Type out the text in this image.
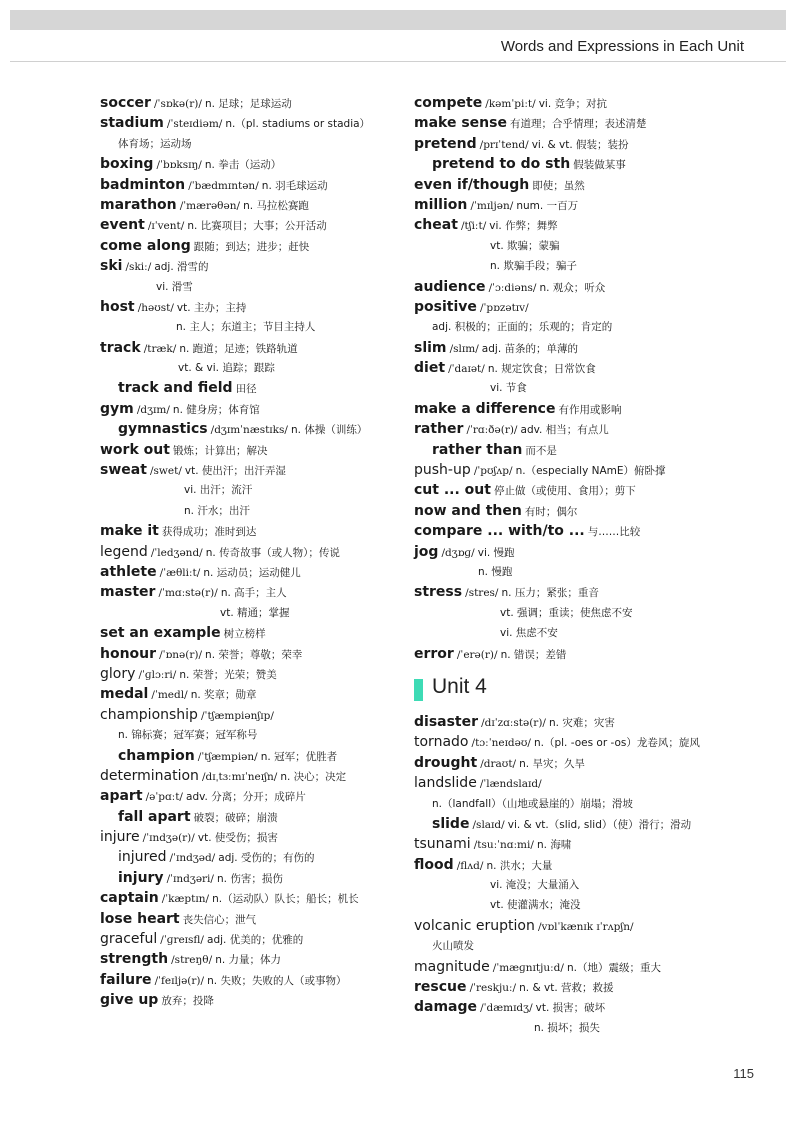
Words and Expressions in Each Unit
soccer /ˈsɒkə(r)/ n. 足球；足球运动
stadium /ˈsteɪdiəm/ n.（pl. stadiums or stadia）
体育场；运动场
boxing /ˈbɒksɪŋ/ n. 拳击（运动）
badminton /ˈbædmɪntən/ n. 羽毛球运动
marathon /ˈmærəθən/ n. 马拉松赛跑
event /ɪˈvent/ n. 比赛项目；大事；公开活动
come along 跟随；到达；进步；赶快
ski /skiː/ adj. 滑雪的
vi. 滑雪
host /həʊst/ vt. 主办；主持
n. 主人；东道主；节目主持人
track /træk/ n. 跑道；足迹；铁路轨道
vt. & vi. 追踪；跟踪
track and field 田径
gym /dʒɪm/ n. 健身房；体育馆
gymnastics /dʒɪmˈnæstɪks/ n. 体操（训练）
work out 锻炼；计算出；解决
sweat /swet/ vt. 使出汗；出汗弄湿
vi. 出汗；流汗
n. 汗水；出汗
make it 获得成功；准时到达
legend /ˈledʒənd/ n. 传奇故事（或人物）；传说
athlete /ˈæθliːt/ n. 运动员；运动健儿
master /ˈmɑːstə(r)/ n. 高手；主人
vt. 精通；掌握
set an example 树立榜样
honour /ˈɒnə(r)/ n. 荣誉；尊敬；荣幸
glory /ˈɡlɔːri/ n. 荣誉；光荣；赞美
medal /ˈmedl/ n. 奖章；勋章
championship /ˈtʃæmpiənʃɪp/
n. 锦标赛；冠军赛；冠军称号
champion /ˈtʃæmpiən/ n. 冠军；优胜者
determination /dɪˌtɜːmɪˈneɪʃn/ n. 决心；决定
apart /əˈpɑːt/ adv. 分离；分开；成碎片
fall apart 破裂；破碎；崩溃
injure /ˈɪndʒə(r)/ vt. 使受伤；损害
injured /ˈɪndʒəd/ adj. 受伤的；有伤的
injury /ˈɪndʒəri/ n. 伤害；损伤
captain /ˈkæptɪn/ n.（运动队）队长；船长；机长
lose heart 丧失信心；泄气
graceful /ˈɡreɪsfl/ adj. 优美的；优雅的
strength /streŋθ/ n. 力量；体力
failure /ˈfeɪljə(r)/ n. 失败；失败的人（或事物）
give up 放弃；投降
compete /kəmˈpiːt/ vi. 竞争；对抗
make sense 有道理；合乎情理；表述清楚
pretend /prɪˈtend/ vi. & vt. 假装；装扮
pretend to do sth 假装做某事
even if/though 即使；虽然
million /ˈmɪljən/ num. 一百万
cheat /tʃiːt/ vi. 作弊；舞弊
vt. 欺骗；蒙骗
n. 欺骗手段；骗子
audience /ˈɔːdiəns/ n. 观众；听众
positive /ˈpɒzətɪv/
adj. 积极的；正面的；乐观的；肯定的
slim /slɪm/ adj. 苗条的；单薄的
diet /ˈdaɪət/ n. 规定饮食；日常饮食
vi. 节食
make a difference 有作用或影响
rather /ˈrɑːðə(r)/ adv. 相当；有点儿
rather than 而不是
push-up /ˈpʊʃʌp/ n.（especially NAmE）俯卧撑
cut ... out 停止做（或使用、食用）；剪下
now and then 有时；偶尔
compare ... with/to ... 与……比较
jog /dʒɒɡ/ vi. 慢跑
n. 慢跑
stress /stres/ n. 压力；紧张；重音
vt. 强调；重读；使焦虑不安
vi. 焦虑不安
error /ˈerə(r)/ n. 错误；差错
Unit 4
disaster /dɪˈzɑːstə(r)/ n. 灾难；灾害
tornado /tɔːˈneɪdəʊ/ n.（pl. -oes or -os）龙卷风；旋风
drought /draʊt/ n. 旱灾；久旱
landslide /ˈlændslaɪd/
n.（landfall）（山地或悬崖的）崩塌；滑坡
slide /slaɪd/ vi. & vt.（slid, slid）（使）滑行；滑动
tsunami /tsuːˈnɑːmi/ n. 海啸
flood /flʌd/ n. 洪水；大量
vi. 淹没；大量涌入
vt. 使灌满水；淹没
volcanic eruption /vɒlˈkænɪk ɪˈrʌpʃn/
火山喷发
magnitude /ˈmæɡnɪtjuːd/ n.（地）震级；重大
rescue /ˈreskjuː/ n. & vt. 营救；救援
damage /ˈdæmɪdʒ/ vt. 损害；破坏
n. 损坏；损失
115
